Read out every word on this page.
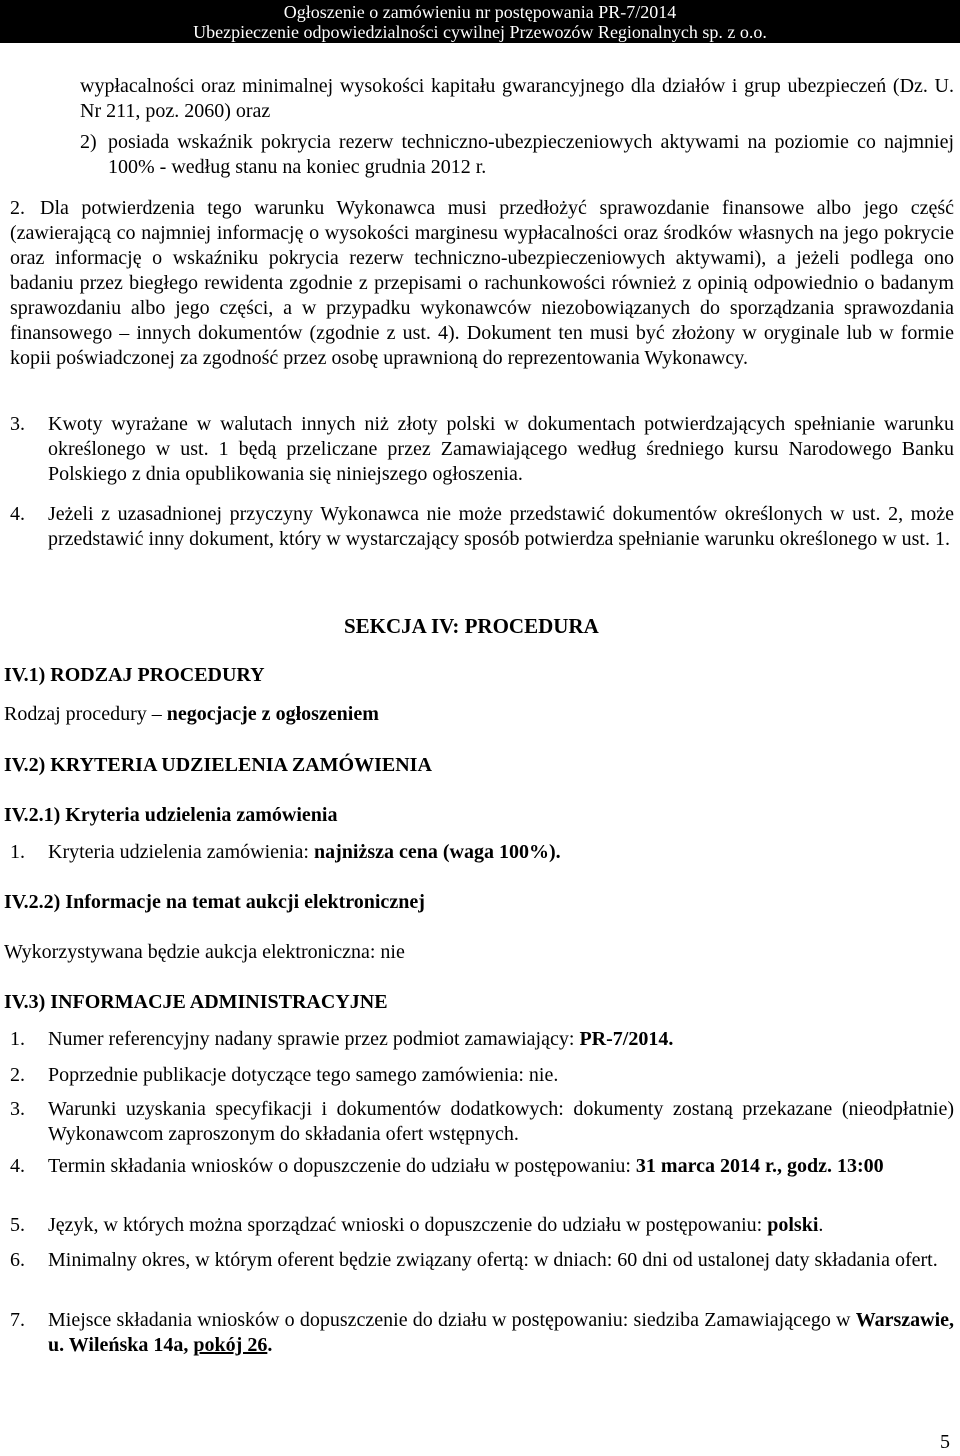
Ogłoszenie o zamówieniu nr postępowania PR-7/2014
Ubezpieczenie odpowiedzialności cywilnej Przewozów Regionalnych sp. z o.o.
wypłacalności oraz minimalnej wysokości kapitału gwarancyjnego dla działów i grup ubezpieczeń (Dz. U. Nr 211, poz. 2060) oraz
2) posiada wskaźnik pokrycia rezerw techniczno-ubezpieczeniowych aktywami na poziomie co najmniej 100% - według stanu na koniec grudnia 2012 r.
2. Dla potwierdzenia tego warunku Wykonawca musi przedłożyć sprawozdanie finansowe albo jego część (zawierającą co najmniej informację o wysokości marginesu wypłacalności oraz środków własnych na jego pokrycie oraz informację o wskaźniku pokrycia rezerw techniczno-ubezpieczeniowych aktywami), a jeżeli podlega ono badaniu przez biegłego rewidenta zgodnie z przepisami o rachunkowości również z opinią odpowiednio o badanym sprawozdaniu albo jego części, a w przypadku wykonawców niezobowiązanych do sporządzania sprawozdania finansowego – innych dokumentów (zgodnie z ust. 4). Dokument ten musi być złożony w oryginale lub w formie kopii poświadczonej za zgodność przez osobę uprawnioną do reprezentowania Wykonawcy.
3. Kwoty wyrażane w walutach innych niż złoty polski w dokumentach potwierdzających spełnianie warunku określonego w ust. 1 będą przeliczane przez Zamawiającego według średniego kursu Narodowego Banku Polskiego z dnia opublikowania się niniejszego ogłoszenia.
4. Jeżeli z uzasadnionej przyczyny Wykonawca nie może przedstawić dokumentów określonych w ust. 2, może przedstawić inny dokument, który w wystarczający sposób potwierdza spełnianie warunku określonego w ust. 1.
SEKCJA IV: PROCEDURA
IV.1) RODZAJ PROCEDURY
Rodzaj procedury – negocjacje z ogłoszeniem
IV.2) KRYTERIA UDZIELENIA ZAMÓWIENIA
IV.2.1) Kryteria udzielenia zamówienia
1. Kryteria udzielenia zamówienia: najniższa cena (waga 100%).
IV.2.2) Informacje na temat aukcji elektronicznej
Wykorzystywana będzie aukcja elektroniczna: nie
IV.3) INFORMACJE ADMINISTRACYJNE
1. Numer referencyjny nadany sprawie przez podmiot zamawiający: PR-7/2014.
2. Poprzednie publikacje dotyczące tego samego zamówienia: nie.
3. Warunki uzyskania specyfikacji i dokumentów dodatkowych: dokumenty zostaną przekazane (nieodpłatnie) Wykonawcom zaproszonym do składania ofert wstępnych.
4. Termin składania wniosków o dopuszczenie do udziału w postępowaniu: 31 marca 2014 r., godz. 13:00
5. Język, w których można sporządzać wnioski o dopuszczenie do udziału w postępowaniu: polski.
6. Minimalny okres, w którym oferent będzie związany ofertą: w dniach: 60 dni od ustalonej daty składania ofert.
7. Miejsce składania wniosków o dopuszczenie do działu w postępowaniu: siedziba Zamawiającego w Warszawie, u. Wileńska 14a, pokój 26.
5
